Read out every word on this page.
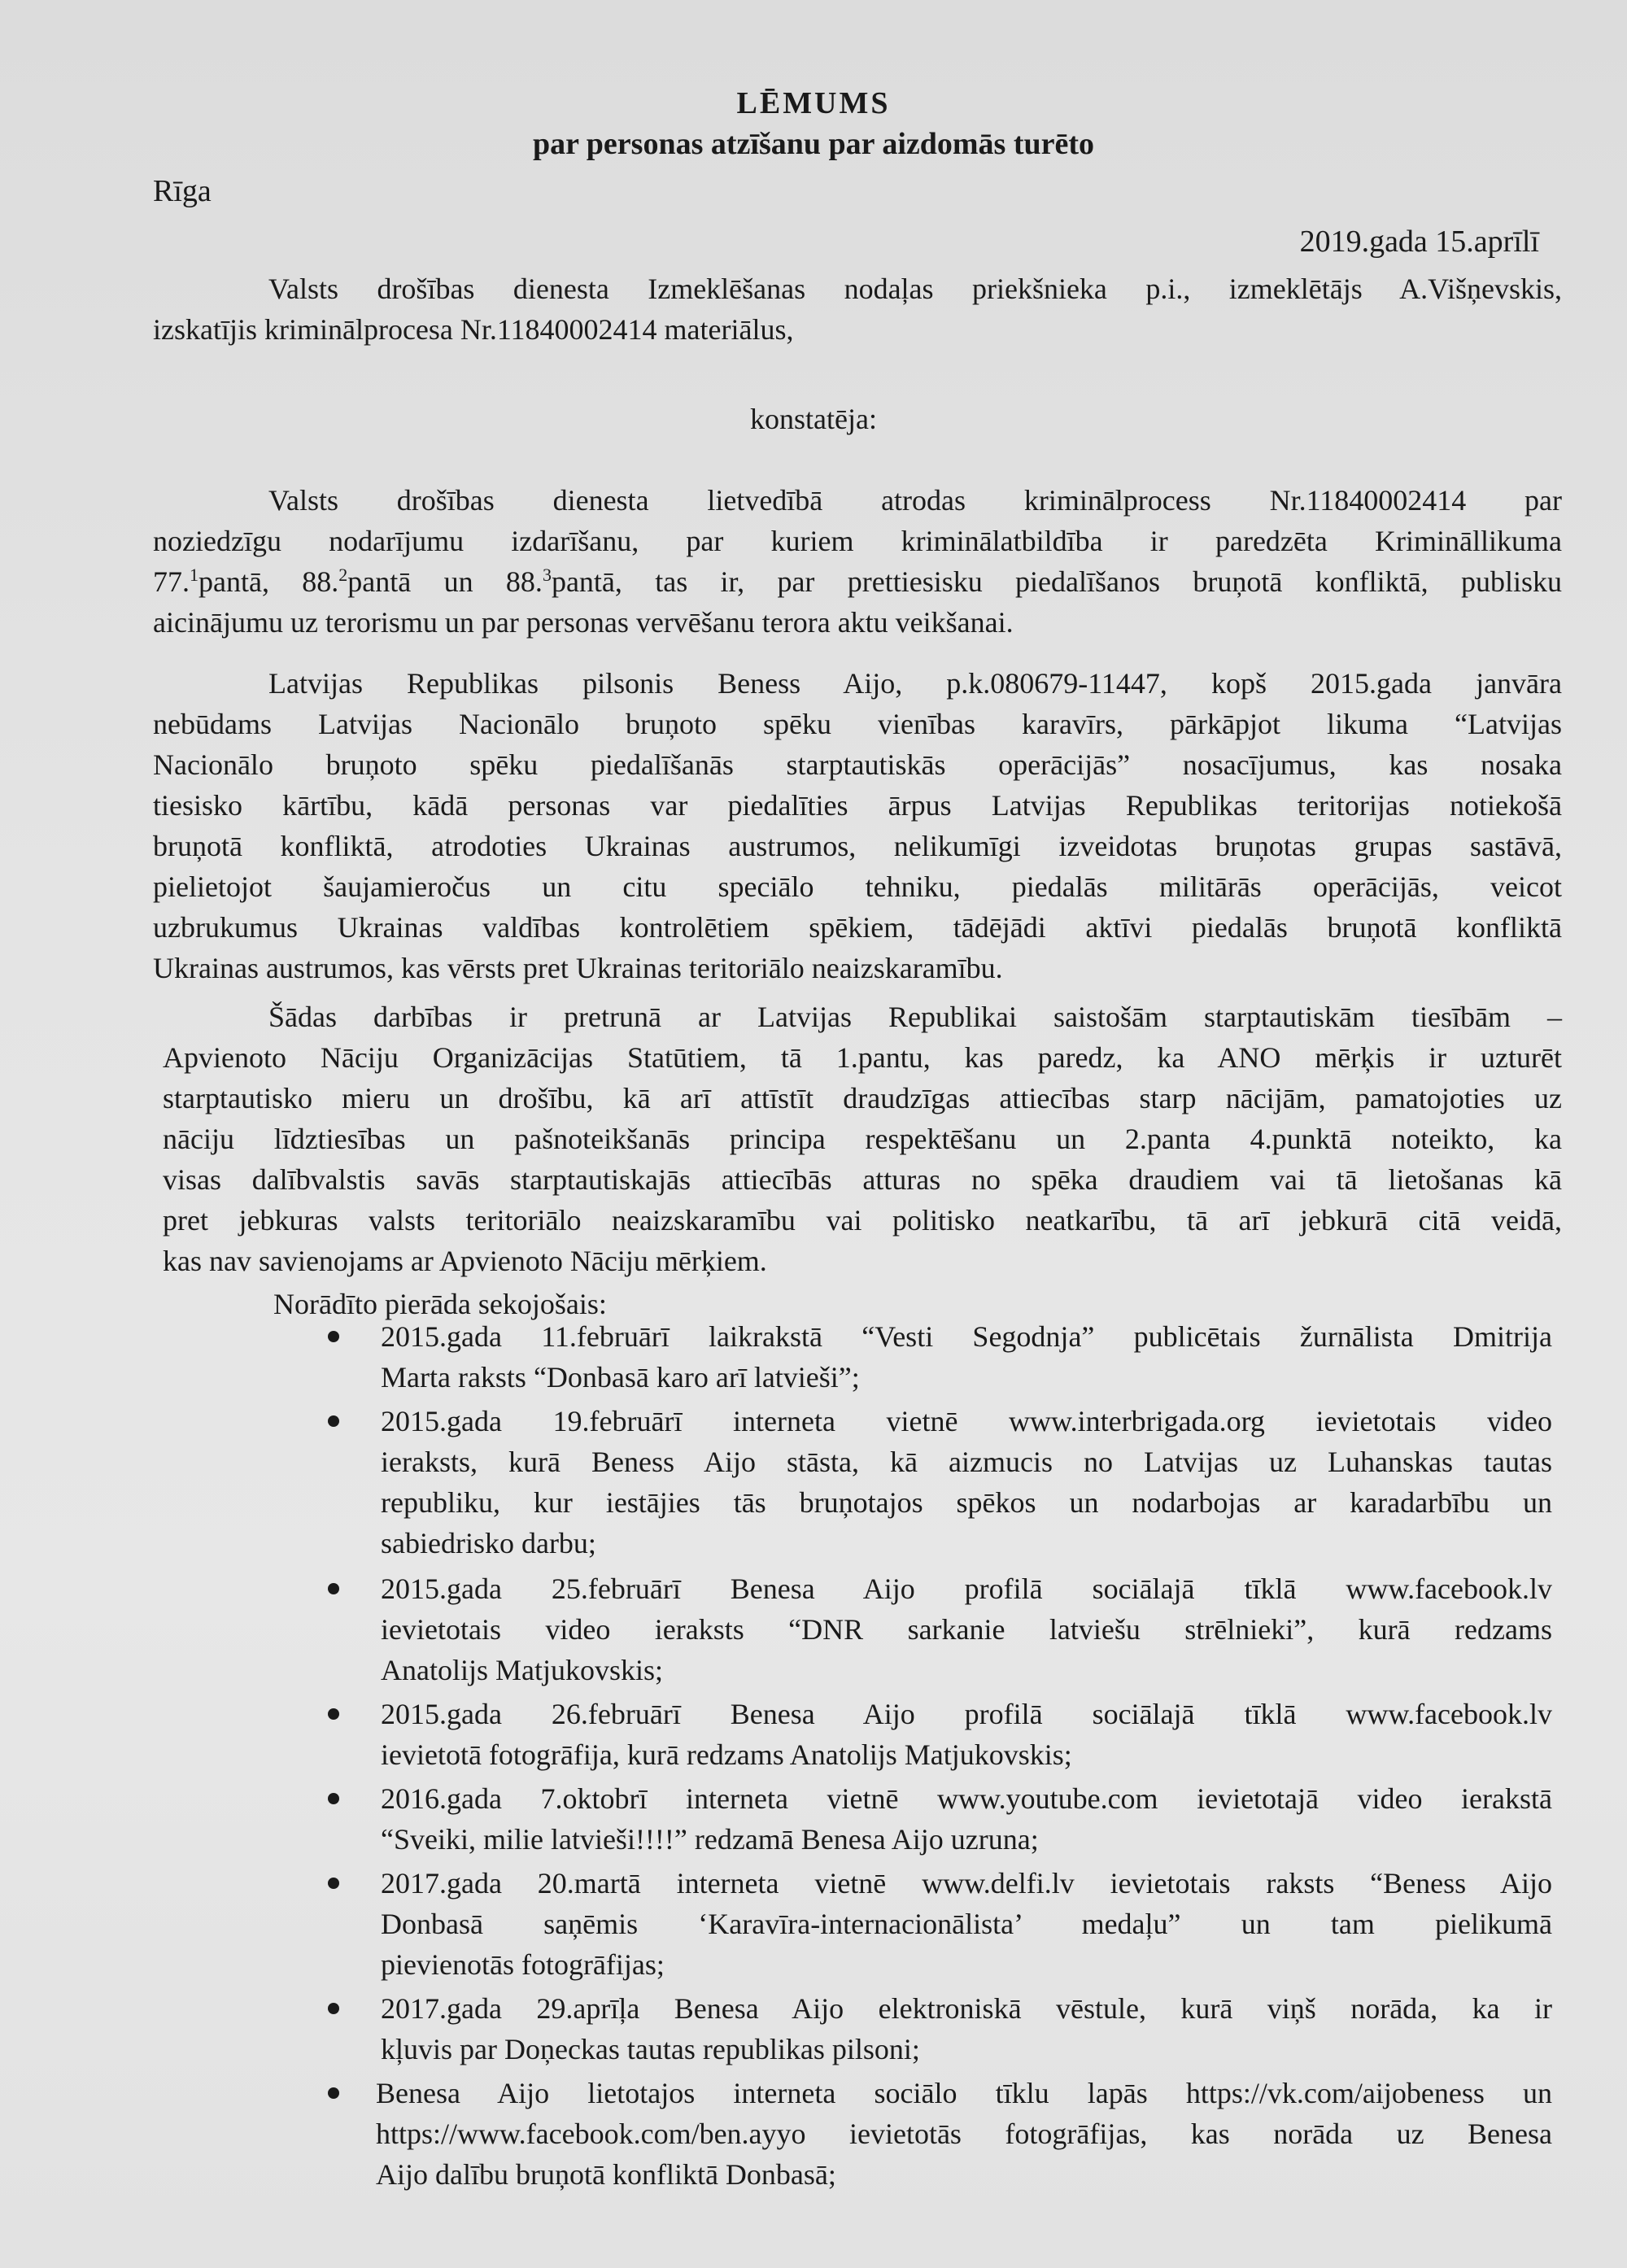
LĒMUMS
par personas atzīšanu par aizdomās turēto
Rīga
2019.gada 15.aprīlī
Valsts drošības dienesta Izmeklēšanas nodaļas priekšnieka p.i., izmeklētājs A.Višņevskis,
izskatījis kriminālprocesa Nr.11840002414 materiālus,
konstatēja:
Valsts drošības dienesta lietvedībā atrodas kriminālprocess Nr.11840002414 par
noziedzīgu nodarījumu izdarīšanu, par kuriem kriminālatbildība ir paredzēta Krimināllikuma
77.$^1$pantā, 88.$^2$pantā un 88.$^3$pantā, tas ir, par prettiesisku piedalīšanos bruņotā konfliktā, publisku
aicinājumu uz terorismu un par personas vervēšanu terora aktu veikšanai.
Latvijas Republikas pilsonis Beness Aijo, p.k.080679-11447, kopš 2015.gada janvāra
nebūdams Latvijas Nacionālo bruņoto spēku vienības karavīrs, pārkāpjot likuma “Latvijas
Nacionālo bruņoto spēku piedalīšanās starptautiskās operācijās” nosacījumus, kas nosaka
tiesisko kārtību, kādā personas var piedalīties ārpus Latvijas Republikas teritorijas notiekošā
bruņotā konfliktā, atrodoties Ukrainas austrumos, nelikumīgi izveidotas bruņotas grupas sastāvā,
pielietojot šaujamieročus un citu speciālo tehniku, piedalās militārās operācijās, veicot
uzbrukumus Ukrainas valdības kontrolētiem spēkiem, tādējādi aktīvi piedalās bruņotā konfliktā
Ukrainas austrumos, kas vērsts pret Ukrainas teritoriālo neaizskaramību.
Šādas darbības ir pretrunā ar Latvijas Republikai saistošām starptautiskām tiesībām –
Apvienoto Nāciju Organizācijas Statūtiem, tā 1.pantu, kas paredz, ka ANO mērķis ir uzturēt
starptautisko mieru un drošību, kā arī attīstīt draudzīgas attiecības starp nācijām, pamatojoties uz
nāciju līdztiesības un pašnoteikšanās principa respektēšanu un 2.panta 4.punktā noteikto, ka
visas dalībvalstis savās starptautiskajās attiecībās atturas no spēka draudiem vai tā lietošanas kā
pret jebkuras valsts teritoriālo neaizskaramību vai politisko neatkarību, tā arī jebkurā citā veidā,
kas nav savienojams ar Apvienoto Nāciju mērķiem.
Norādīto pierāda sekojošais:
2015.gada 11.februārī laikrakstā “Vesti Segodnja” publicētais žurnālista Dmitrija
Marta raksts “Donbasā karo arī latvieši”;
2015.gada 19.februārī interneta vietnē www.interbrigada.org ievietotais video
ieraksts, kurā Beness Aijo stāsta, kā aizmucis no Latvijas uz Luhanskas tautas
republiku, kur iestājies tās bruņotajos spēkos un nodarbojas ar karadarbību un
sabiedrisko darbu;
2015.gada 25.februārī Benesa Aijo profilā sociālajā tīklā www.facebook.lv
ievietotais video ieraksts “DNR sarkanie latviešu strēlnieki”, kurā redzams
Anatolijs Matjukovskis;
2015.gada 26.februārī Benesa Aijo profilā sociālajā tīklā www.facebook.lv
ievietotā fotogrāfija, kurā redzams Anatolijs Matjukovskis;
2016.gada 7.oktobrī interneta vietnē www.youtube.com ievietotajā video ierakstā
“Sveiki, milie latvieši!!!!” redzamā Benesa Aijo uzruna;
2017.gada 20.martā interneta vietnē www.delfi.lv ievietotais raksts “Beness Aijo
Donbasā saņēmis ‘Karavīra-internacionālista’ medaļu” un tam pielikumā
pievienotās fotogrāfijas;
2017.gada 29.aprīļa Benesa Aijo elektroniskā vēstule, kurā viņš norāda, ka ir
kļuvis par Doņeckas tautas republikas pilsoni;
Benesa Aijo lietotajos interneta sociālo tīklu lapās https://vk.com/aijobeness un
https://www.facebook.com/ben.ayyo ievietotās fotogrāfijas, kas norāda uz Benesa
Aijo dalību bruņotā konfliktā Donbasā;
